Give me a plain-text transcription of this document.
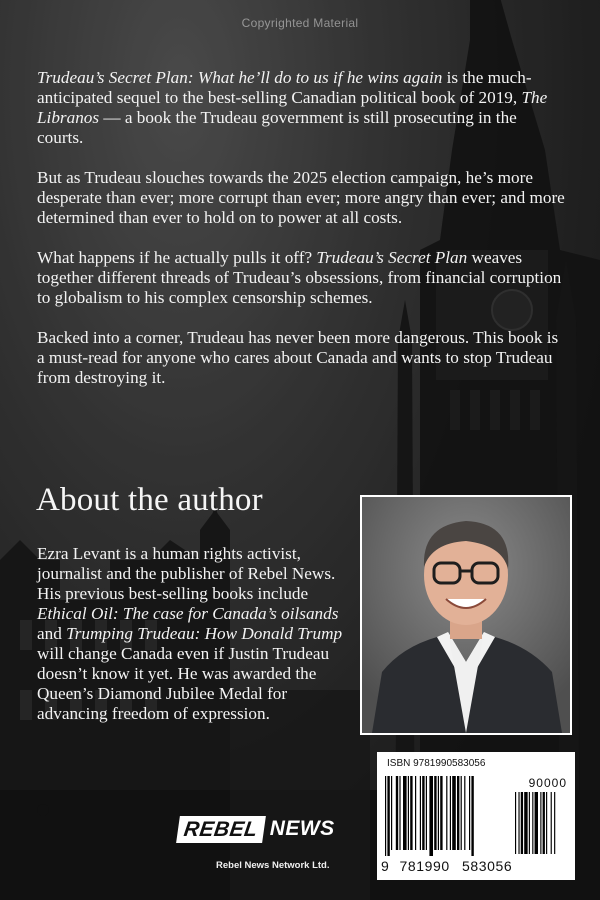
Copyrighted Material

Trudeau’s Secret Plan: What he’ll do to us if he wins again is the much-anticipated sequel to the best-selling Canadian political book of 2019, The Libranos — a book the Trudeau government is still prosecuting in the courts.

But as Trudeau slouches towards the 2025 election campaign, he’s more desperate than ever; more corrupt than ever; more angry than ever; and more determined than ever to hold on to power at all costs.

What happens if he actually pulls it off? Trudeau’s Secret Plan weaves together different threads of Trudeau’s obsessions, from financial corruption to globalism to his complex censorship schemes.

Backed into a corner, Trudeau has never been more dangerous. This book is a must-read for anyone who cares about Canada and wants to stop Trudeau from destroying it.

About the author
Ezra Levant is a human rights activist, journalist and the publisher of Rebel News. His previous best-selling books include Ethical Oil: The case for Canada’s oilsands and Trumping Trudeau: How Donald Trump will change Canada even if Justin Trudeau doesn’t know it yet. He was awarded the Queen’s Diamond Jubilee Medal for advancing freedom of expression.
REBEL NEWS
Rebel News Network Ltd.
ISBN 9781990583056
90000
9 781990 583056
